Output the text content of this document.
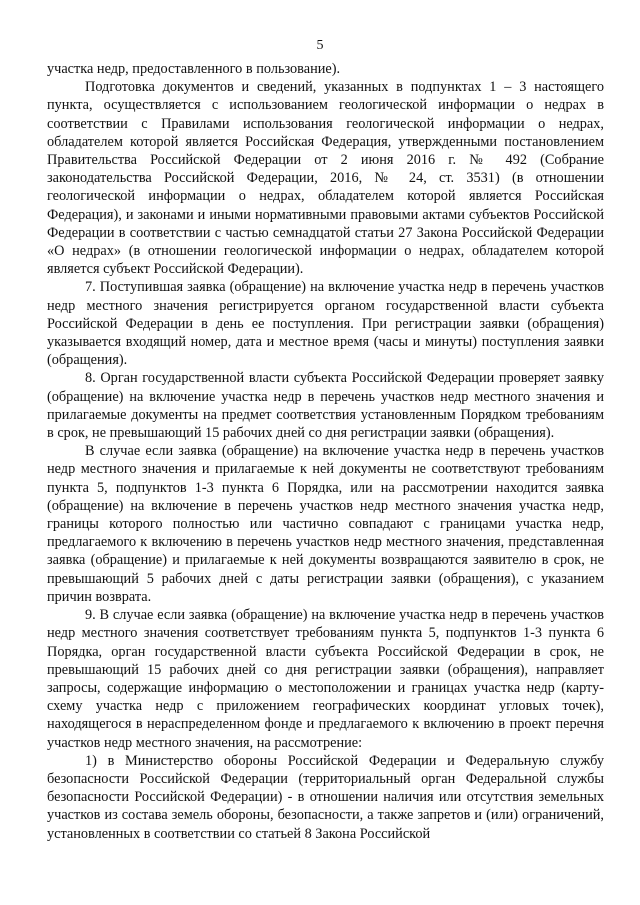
5

участка недр, предоставленного в пользование).

Подготовка документов и сведений, указанных в подпунктах 1 – 3 настоящего пункта, осуществляется с использованием геологической информации о недрах в соответствии с Правилами использования геологической информации о недрах, обладателем которой является Российская Федерация, утвержденными постановлением Правительства Российской Федерации от 2 июня 2016 г. № 492 (Собрание законодательства Российской Федерации, 2016, № 24, ст. 3531) (в отношении геологической информации о недрах, обладателем которой является Российская Федерация), и законами и иными нормативными правовыми актами субъектов Российской Федерации в соответствии с частью семнадцатой статьи 27 Закона Российской Федерации «О недрах» (в отношении геологической информации о недрах, обладателем которой является субъект Российской Федерации).

7. Поступившая заявка (обращение) на включение участка недр в перечень участков недр местного значения регистрируется органом государственной власти субъекта Российской Федерации в день ее поступления. При регистрации заявки (обращения) указывается входящий номер, дата и местное время (часы и минуты) поступления заявки (обращения).

8. Орган государственной власти субъекта Российской Федерации проверяет заявку (обращение) на включение участка недр в перечень участков недр местного значения и прилагаемые документы на предмет соответствия установленным Порядком требованиям в срок, не превышающий 15 рабочих дней со дня регистрации заявки (обращения).

В случае если заявка (обращение) на включение участка недр в перечень участков недр местного значения и прилагаемые к ней документы не соответствуют требованиям пункта 5, подпунктов 1-3 пункта 6 Порядка, или на рассмотрении находится заявка (обращение) на включение в перечень участков недр местного значения участка недр, границы которого полностью или частично совпадают с границами участка недр, предлагаемого к включению в перечень участков недр местного значения, представленная заявка (обращение) и прилагаемые к ней документы возвращаются заявителю в срок, не превышающий 5 рабочих дней с даты регистрации заявки (обращения), с указанием причин возврата.

9. В случае если заявка (обращение) на включение участка недр в перечень участков недр местного значения соответствует требованиям пункта 5, подпунктов 1-3 пункта 6 Порядка, орган государственной власти субъекта Российской Федерации в срок, не превышающий 15 рабочих дней со дня регистрации заявки (обращения), направляет запросы, содержащие информацию о местоположении и границах участка недр (карту-схему участка недр с приложением географических координат угловых точек), находящегося в нераспределенном фонде и предлагаемого к включению в проект перечня участков недр местного значения, на рассмотрение:

1) в Министерство обороны Российской Федерации и Федеральную службу безопасности Российской Федерации (территориальный орган Федеральной службы безопасности Российской Федерации) - в отношении наличия или отсутствия земельных участков из состава земель обороны, безопасности, а также запретов и (или) ограничений, установленных в соответствии со статьей 8 Закона Российской
